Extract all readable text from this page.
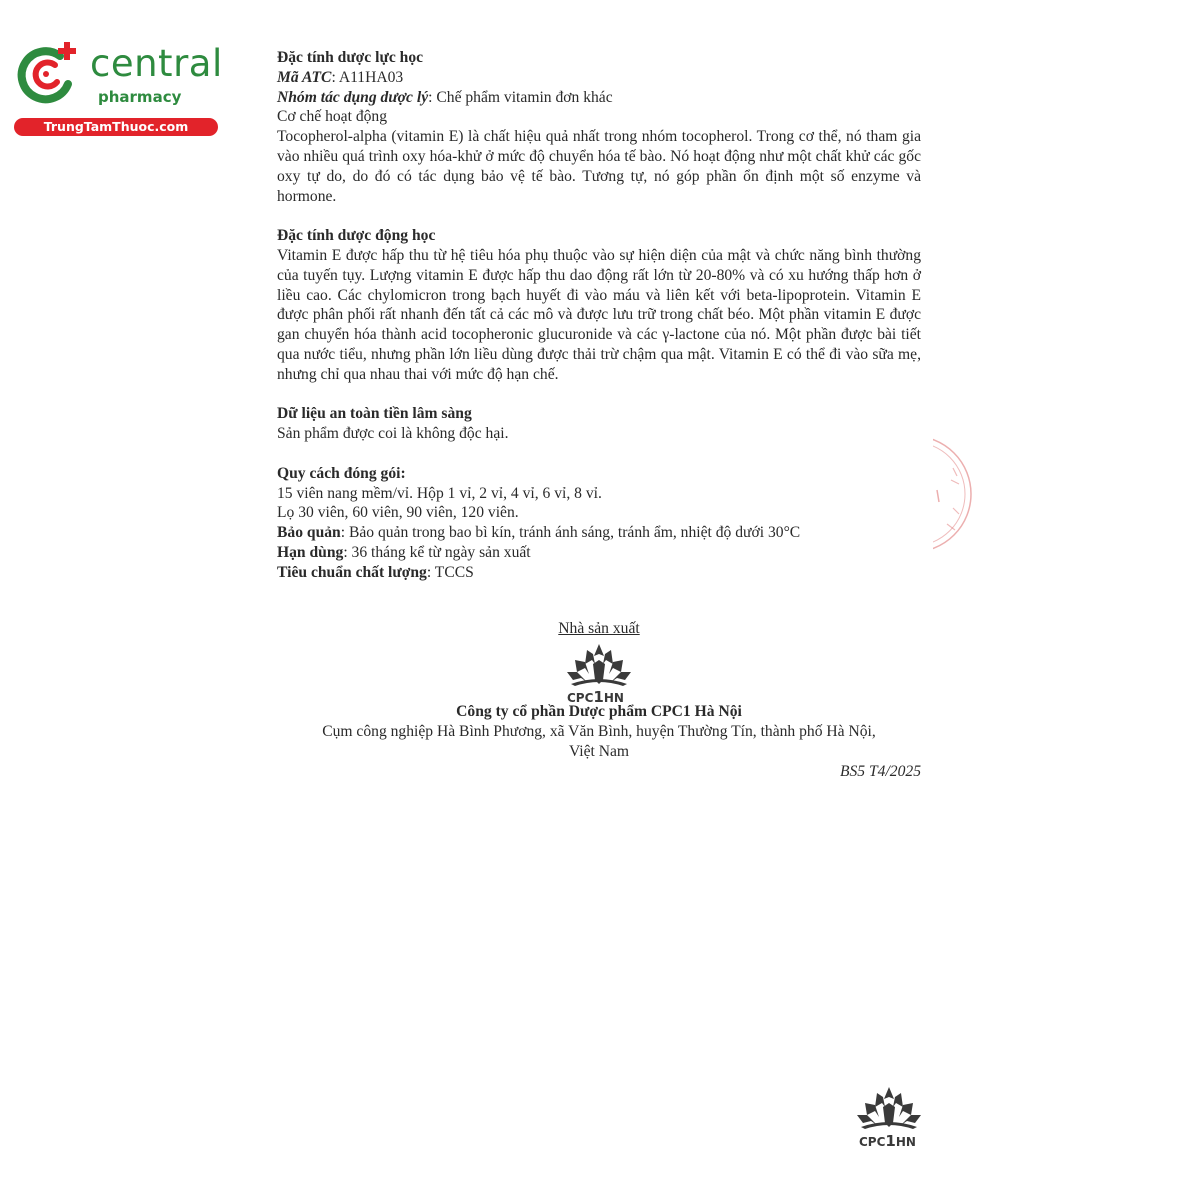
central
pharmacy
TrungTamThuoc.com

Đặc tính dược lực học

Mã ATC: A11HA03

Nhóm tác dụng dược lý: Chế phẩm vitamin đơn khác

Cơ chế hoạt động

Tocopherol-alpha (vitamin E) là chất hiệu quả nhất trong nhóm tocopherol. Trong cơ thể, nó tham gia vào nhiều quá trình oxy hóa-khử ở mức độ chuyển hóa tế bào. Nó hoạt động như một chất khử các gốc oxy tự do, do đó có tác dụng bảo vệ tế bào. Tương tự, nó góp phần ổn định một số enzyme và hormone.

Đặc tính dược động học

Vitamin E được hấp thu từ hệ tiêu hóa phụ thuộc vào sự hiện diện của mật và chức năng bình thường của tuyến tụy. Lượng vitamin E được hấp thu dao động rất lớn từ 20-80% và có xu hướng thấp hơn ở liều cao. Các chylomicron trong bạch huyết đi vào máu và liên kết với beta-lipoprotein. Vitamin E được phân phối rất nhanh đến tất cả các mô và được lưu trữ trong chất béo. Một phần vitamin E được gan chuyển hóa thành acid tocopheronic glucuronide và các γ-lactone của nó. Một phần được bài tiết qua nước tiểu, nhưng phần lớn liều dùng được thải trừ chậm qua mật. Vitamin E có thể đi vào sữa mẹ, nhưng chỉ qua nhau thai với mức độ hạn chế.

Dữ liệu an toàn tiền lâm sàng

Sản phẩm được coi là không độc hại.

Quy cách đóng gói:

15 viên nang mềm/vỉ. Hộp 1 vỉ, 2 vỉ, 4 vỉ, 6 vỉ, 8 vỉ.

Lọ 30 viên, 60 viên, 90 viên, 120 viên.

Bảo quản: Bảo quản trong bao bì kín, tránh ánh sáng, tránh ẩm, nhiệt độ dưới 30°C

Hạn dùng: 36 tháng kể từ ngày sản xuất

Tiêu chuẩn chất lượng: TCCS

Nhà sản xuất
CPC1HN
Công ty cổ phần Dược phẩm CPC1 Hà Nội
Cụm công nghiệp Hà Bình Phương, xã Văn Bình, huyện Thường Tín, thành phố Hà Nội,
Việt Nam
BS5 T4/2025
CPC1HN
